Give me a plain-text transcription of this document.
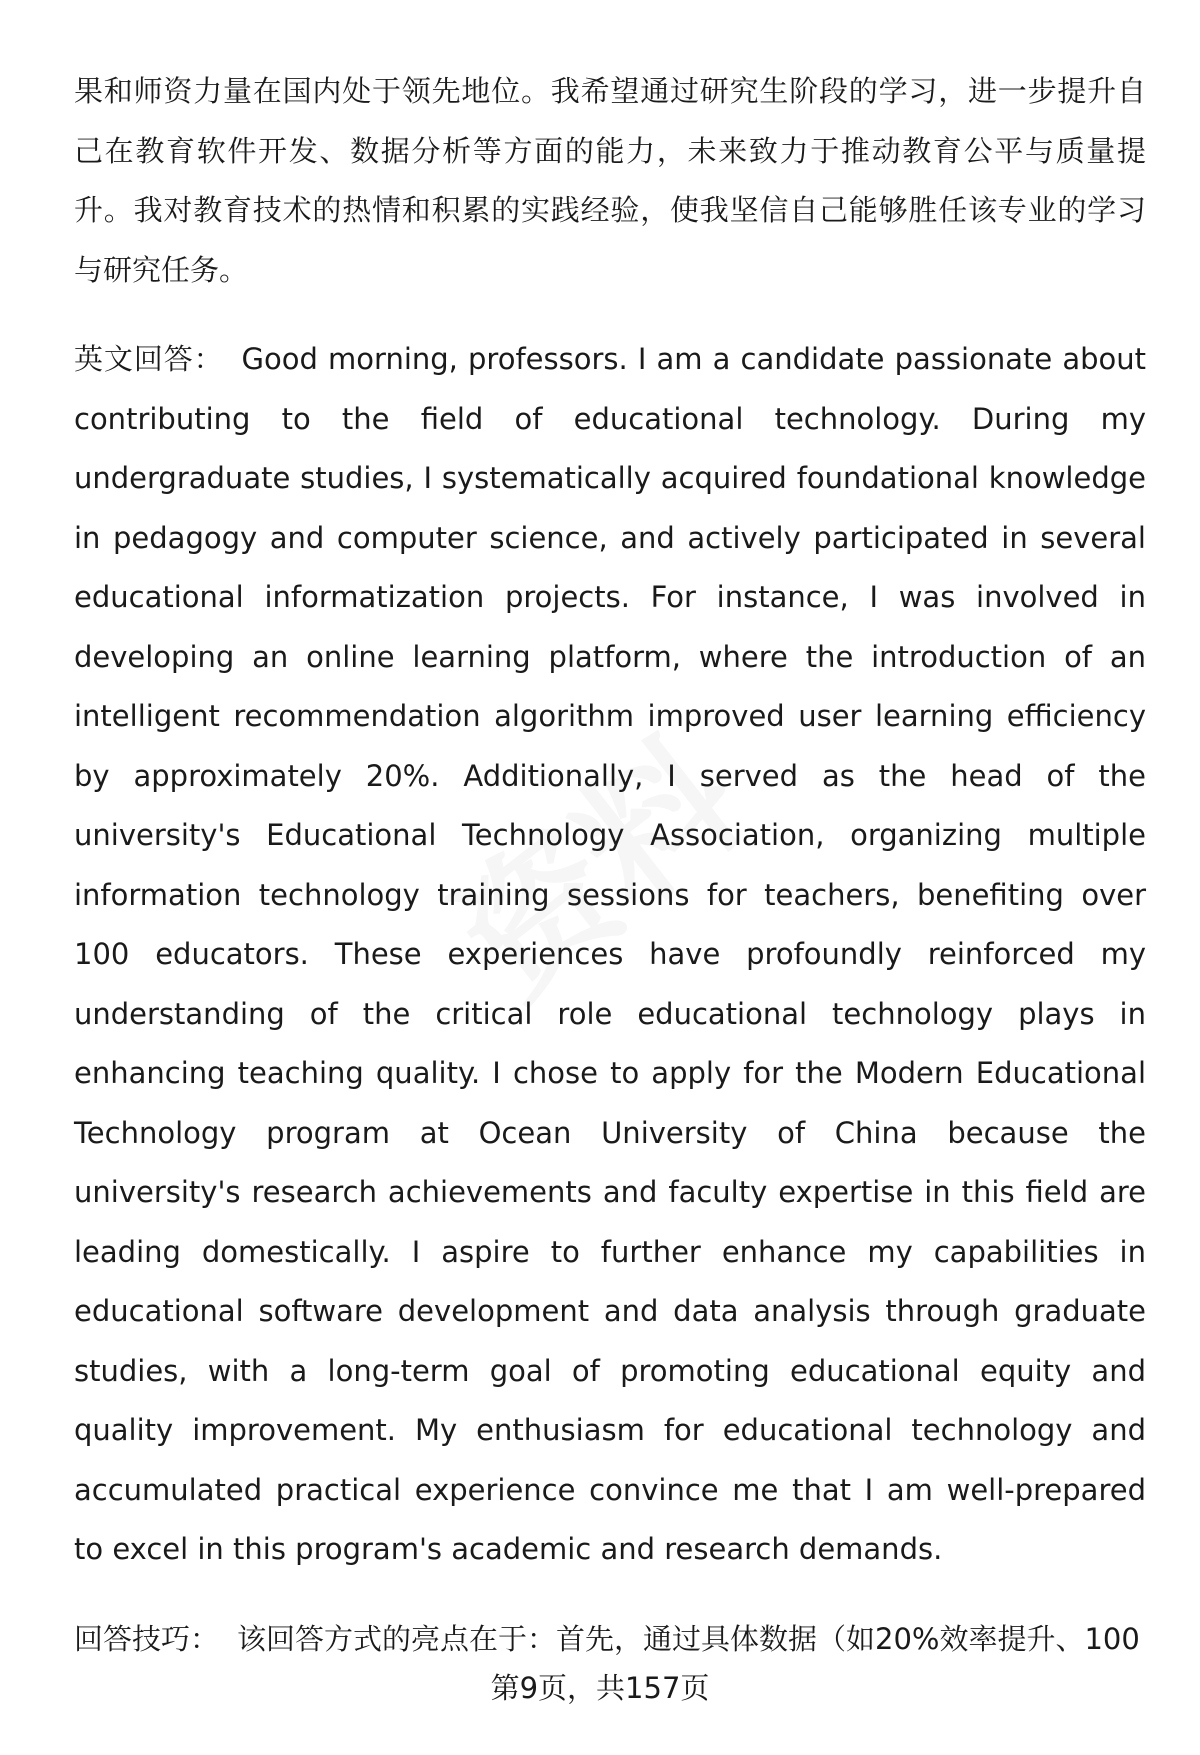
果和师资力量在国内处于领先地位。我希望通过研究生阶段的学习，进一步提升自己在教育软件开发、数据分析等方面的能力，未来致力于推动教育公平与质量提升。我对教育技术的热情和积累的实践经验，使我坚信自己能够胜任该专业的学习与研究任务。

英文回答： Good morning, professors. I am a candidate passionate about contributing to the field of educational technology. During my undergraduate studies, I systematically acquired foundational knowledge in pedagogy and computer science, and actively participated in several educational informatization projects. For instance, I was involved in developing an online learning platform, where the introduction of an intelligent recommendation algorithm improved user learning efficiency by approximately 20%. Additionally, I served as the head of the university's Educational Technology Association, organizing multiple information technology training sessions for teachers, benefiting over 100 educators. These experiences have profoundly reinforced my understanding of the critical role educational technology plays in enhancing teaching quality. I chose to apply for the Modern Educational Technology program at Ocean University of China because the university's research achievements and faculty expertise in this field are leading domestically. I aspire to further enhance my capabilities in educational software development and data analysis through graduate studies, with a long-term goal of promoting educational equity and quality improvement. My enthusiasm for educational technology and accumulated practical experience convince me that I am well-prepared to excel in this program's academic and research demands.

回答技巧： 该回答方式的亮点在于：首先，通过具体数据（如20%效率提升、100

第9页，共157页
